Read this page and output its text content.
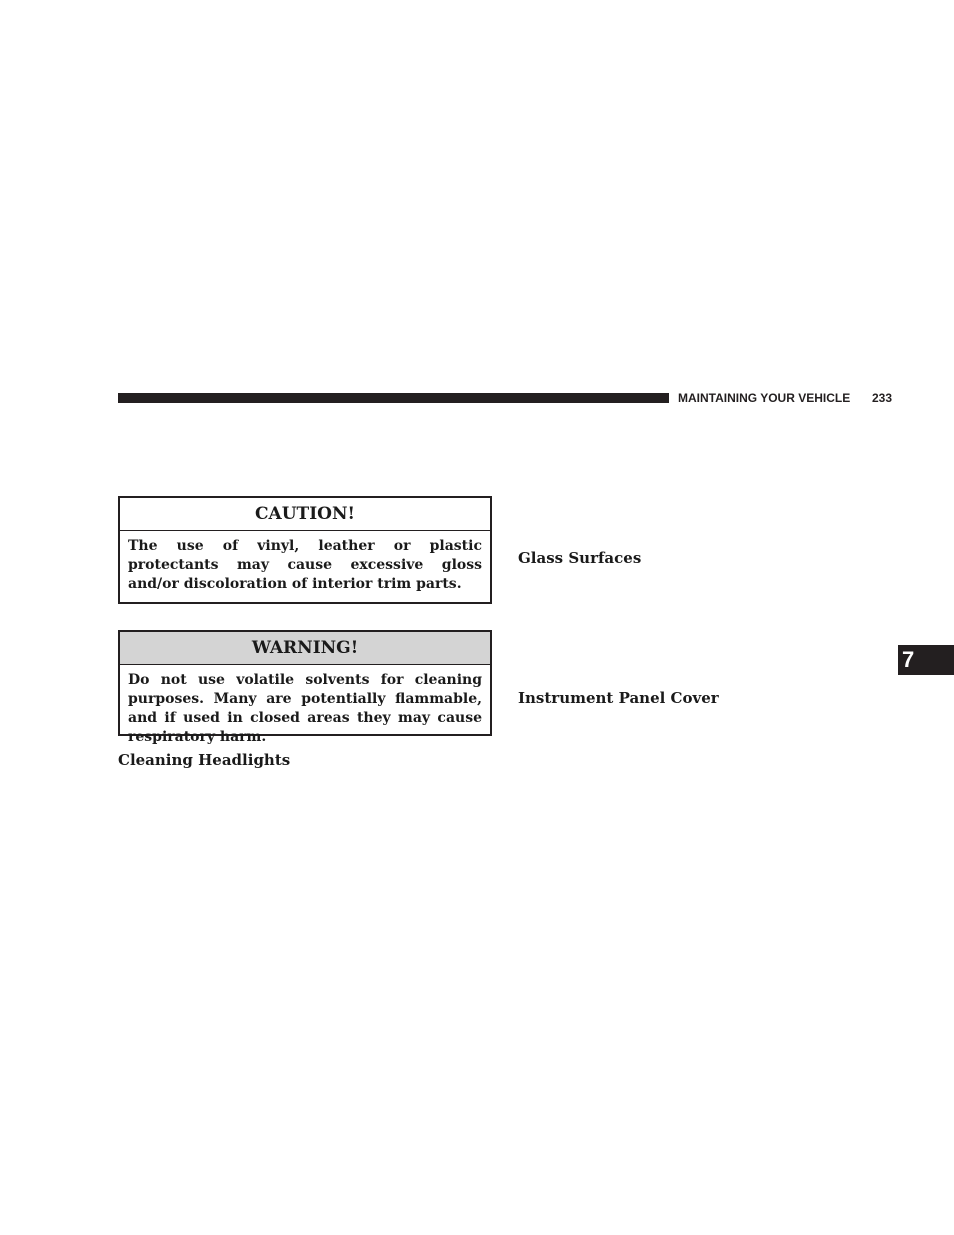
MAINTAINING YOUR VEHICLE 233
CAUTION!
The use of vinyl, leather or plastic protectants may cause excessive gloss and/or discoloration of interior trim parts.
WARNING!
Do not use volatile solvents for cleaning purposes. Many are potentially flammable, and if used in closed areas they may cause respiratory harm.
Cleaning Headlights
Glass Surfaces
Instrument Panel Cover
7
